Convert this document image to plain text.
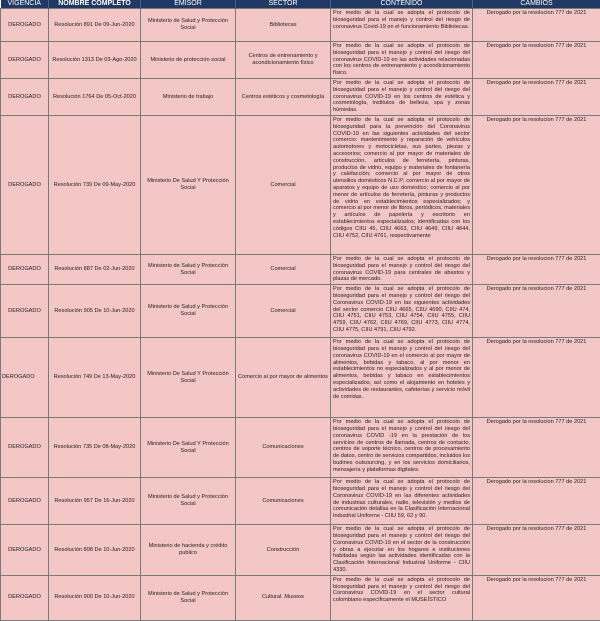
VIGENCIA	NOMBRE COMPLETO	EMISOR	SECTOR	CONTENIDO	CAMBIOS
DEROGADO	Resolución 891 De 09-Jun-2020	Ministerio de Salud y Protección Social	Bibliotecas	Por medio de la cual se adopta el protocolo de bioseguridad para el manejo y control del riesgo de coronavirus Covid-19 en el funcionamiento Bibliotecas.	Derogado por la resolucion 777 de 2021
DEROGADO	Resolución 1313 De 03-Ago-2020	Ministerio de protección social	Centros de entrenamiento y acondicionamiento físico	Por medio de la cual se adopta el protocolo de bioseguridad para el manejo y control del riesgo del coronavirus COVID-19 en las actividades relacionadas con los centros de entrenamiento y acondicionamiento físico.	Derogado por la resolucion 777 de 2021
DEROGADO	Resolución 1764 De 05-Oct-2020	Ministerio de trabajo	Centros estéticos y cosmetología	Por medio de la cual se adopta el protocolo de bioseguridad para el manejo y control del riesgo del coronavirus COVID-19 en los centros de estética y cosmetología, institutos de belleza, spa y zonas húmedas.	Derogado por la resolucion 777 de 2021
DEROGADO	Resolución 739 De 09-May-2020	Ministerio De Salud Y Protección Social	Comercial	Por medio de la cual se adopta el protocolo de bioseguridad para la prevención del Coronavirus COVID-19 en las siguientes actividades del sector comercio: mantenimiento y reparación de vehículos automotores y motocicletas, sus partes, piezas y accesorios; comercio al por mayor de materiales de construcción, artículos de ferretería, pinturas, productos de vidrio, equipo y materiales de fontanería y calefacción; comercio al por mayor de otros utensilios domésticos N.C.P; comercio al por mayor de aparatos y equipo de uso doméstico; comercio al por menor de artículos de ferretería, pinturas y productos de vidrio en establecimientos especializados; y comercio al por menor de libros, periódicos, materiales y artículos de papelería y escritorio en establecimientos especializados; identificadas con los códigos CIIU 45, CIIU 4663, CIIU 4649, CIIU 4644, CIIU 4752, CIIU 4761, respectivamente	Derogado por la resolucion 777 de 2021
DEROGADO	Resolución 887 De 02-Jun-2020	Ministerio de Salud y Protección Social	Comercial	Por medio de la cual se adopta el protocolo de bioseguridad para el manejo y control del riesgo del coronavirus COVID-19 para centrales de abastos y plazas de mercado.	Derogado por la resolucion 777 de 2021
DEROGADO	Resolución 905 De 10-Jun-2020	Ministerio de Salud y Protección Social	Comercial	Por medio de la cual se adopta el protocolo de bioseguridad para el manejo y control del riesgo del Coronavirus COVID-19 en las siguientes actividades del sector comercio CIIU 4665, CIIU 4690, CIIU 474, CIIU 4751, CIIU 4753, CIIU 4754, CIIU 4755, CIIU 4759, CIIU 4762, CIIU 4769, CIIU 4773, CIIU 4774, CIIU 4775, CIIU 4791, CIIU 4792.	Derogado por la resolucion 777 de 2021
DEROGADO	Resolución 749 De 13-May-2020	Ministerio De Salud Y Protección Social	Comercio al por mayor de alimentos	Por medio de la cual se adopta el protocolo de bioseguridad para el manejo y control del riesgo del coronavirus COVID-19 en el comercio al por mayor de alimentos, bebidas y tabaco, al por menor en establecimientos no especializados y al por menor de alimentos, bebidas y tabaco en establecimientos especializados, así como el alojamiento en hoteles y actividades de restaurantes, cafeterías y servicio móvil de comidas.	Derogado por la resolucion 777 de 2021
DEROGADO	Resolución 735 De 08-May-2020	Ministerio De Salud Y Protección Social	Comunicaciones	Por medio de la cual se adopta el protocolo de bioseguridad para el manejo y control del riesgo del coronavirus COVID -19 en la prestación de los servicios de centros de llamada, centros de contacto, centros de soporte técnico, centros de procesamiento de datos, centro de servicios compartidos, incluidos los budines outsourcing, y en los servicios domiciliarios, mensajería y plataformas digitales.	Derogado por la resolucion 777 de 2021
DEROGADO	Resolución 957 De 16-Jun-2020	Ministerio de Salud y Protección Social	Comunicaciones	Por medio de la cual se adopta el protocolo de bioseguridad para el manejo y control del riesgo del Coronavirus COVID-19 en las diferentes actividades de industrias culturales, radio, televisión y medios de comunicación detallas en la Clasificación Internacional Industrial Uniforme - CIIU 59, 62 y 90.	Derogado por la resolucion 777 de 2021
DEROGADO	Resolución 898 De 10-Jun-2020	Ministerio de hacienda y crédito publico	Construcción	Por medio de la cual se adopta el protocolo de bioseguridad para el manejo y control del riesgo del Coronavirus COVID-19 en el sector de la construcción y obras a ejecutar en los hogares e instituciones habitadas según las actividades identificadas con la Clasificación Internacional Industrial Uniforme - CIIU 4330.	Derogado por la resolucion 777 de 2021
DEROGADO	Resolución 900 De 10-Jun-2020	Ministerio de Salud y Protección Social	Cultural. Museos	Por medio de la cual se adopta el protocolo de bioseguridad para el manejo y control del riesgo del Coronavirus COVID-19 en el sector cultural colombiano específicamente el MUSEÍSTICO	Derogado por la resolucion 777 de 2021
